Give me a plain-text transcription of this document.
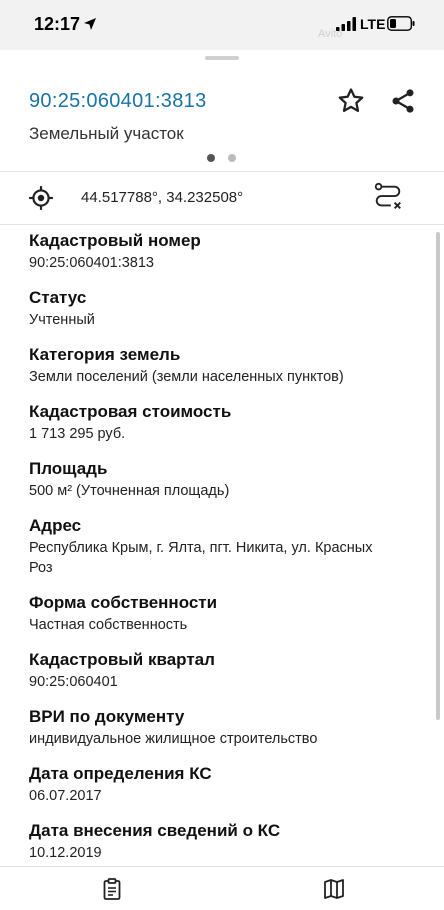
12:17	LTE
Avito
90:25:060401:3813
Земельный участок
44.517788°, 34.232508°
Кадастровый номер
90:25:060401:3813
Статус
Учтенный
Категория земель
Земли поселений (земли населенных пунктов)
Кадастровая стоимость
1 713 295 руб.
Площадь
500 м² (Уточненная площадь)
Адрес
Республика Крым, г. Ялта, пгт. Никита, ул. Красных Роз
Форма собственности
Частная собственность
Кадастровый квартал
90:25:060401
ВРИ по документу
индивидуальное жилищное строительство
Дата определения КС
06.07.2017
Дата внесения сведений о КС
10.12.2019
